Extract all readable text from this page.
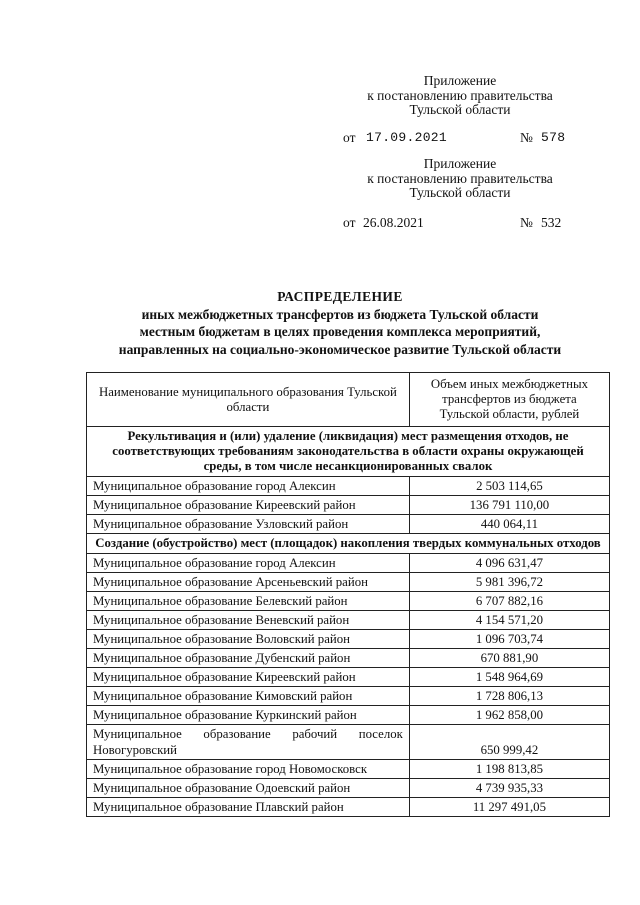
Приложение
к постановлению правительства
Тульской области
от 17.09.2021	№ 578
Приложение
к постановлению правительства
Тульской области
от 26.08.2021	№ 532
РАСПРЕДЕЛЕНИЕ
иных межбюджетных трансфертов из бюджета Тульской области
местным бюджетам в целях проведения комплекса мероприятий,
направленных на социально-экономическое развитие Тульской области
Наименование муниципального образования Тульской области	Объем иных межбюджетных трансфертов из бюджета Тульской области, рублей
Рекультивация и (или) удаление (ликвидация) мест размещения отходов, не соответствующих требованиям законодательства в области охраны окружающей среды, в том числе несанкционированных свалок	
Муниципальное образование город Алексин	2 503 114,65
Муниципальное образование Киреевский район	136 791 110,00
Муниципальное образование Узловский район	440 064,11
Создание (обустройство) мест (площадок) накопления твердых коммунальных отходов	
Муниципальное образование город Алексин	4 096 631,47
Муниципальное образование Арсеньевский район	5 981 396,72
Муниципальное образование Белевский район	6 707 882,16
Муниципальное образование Веневский район	4 154 571,20
Муниципальное образование Воловский район	1 096 703,74
Муниципальное образование Дубенский район	670 881,90
Муниципальное образование Киреевский район	1 548 964,69
Муниципальное образование Кимовский район	1 728 806,13
Муниципальное образование Куркинский район	1 962 858,00
Муниципальное образование рабочий поселок Новогуровский	650 999,42
Муниципальное образование город Новомосковск	1 198 813,85
Муниципальное образование Одоевский район	4 739 935,33
Муниципальное образование Плавский район	11 297 491,05
